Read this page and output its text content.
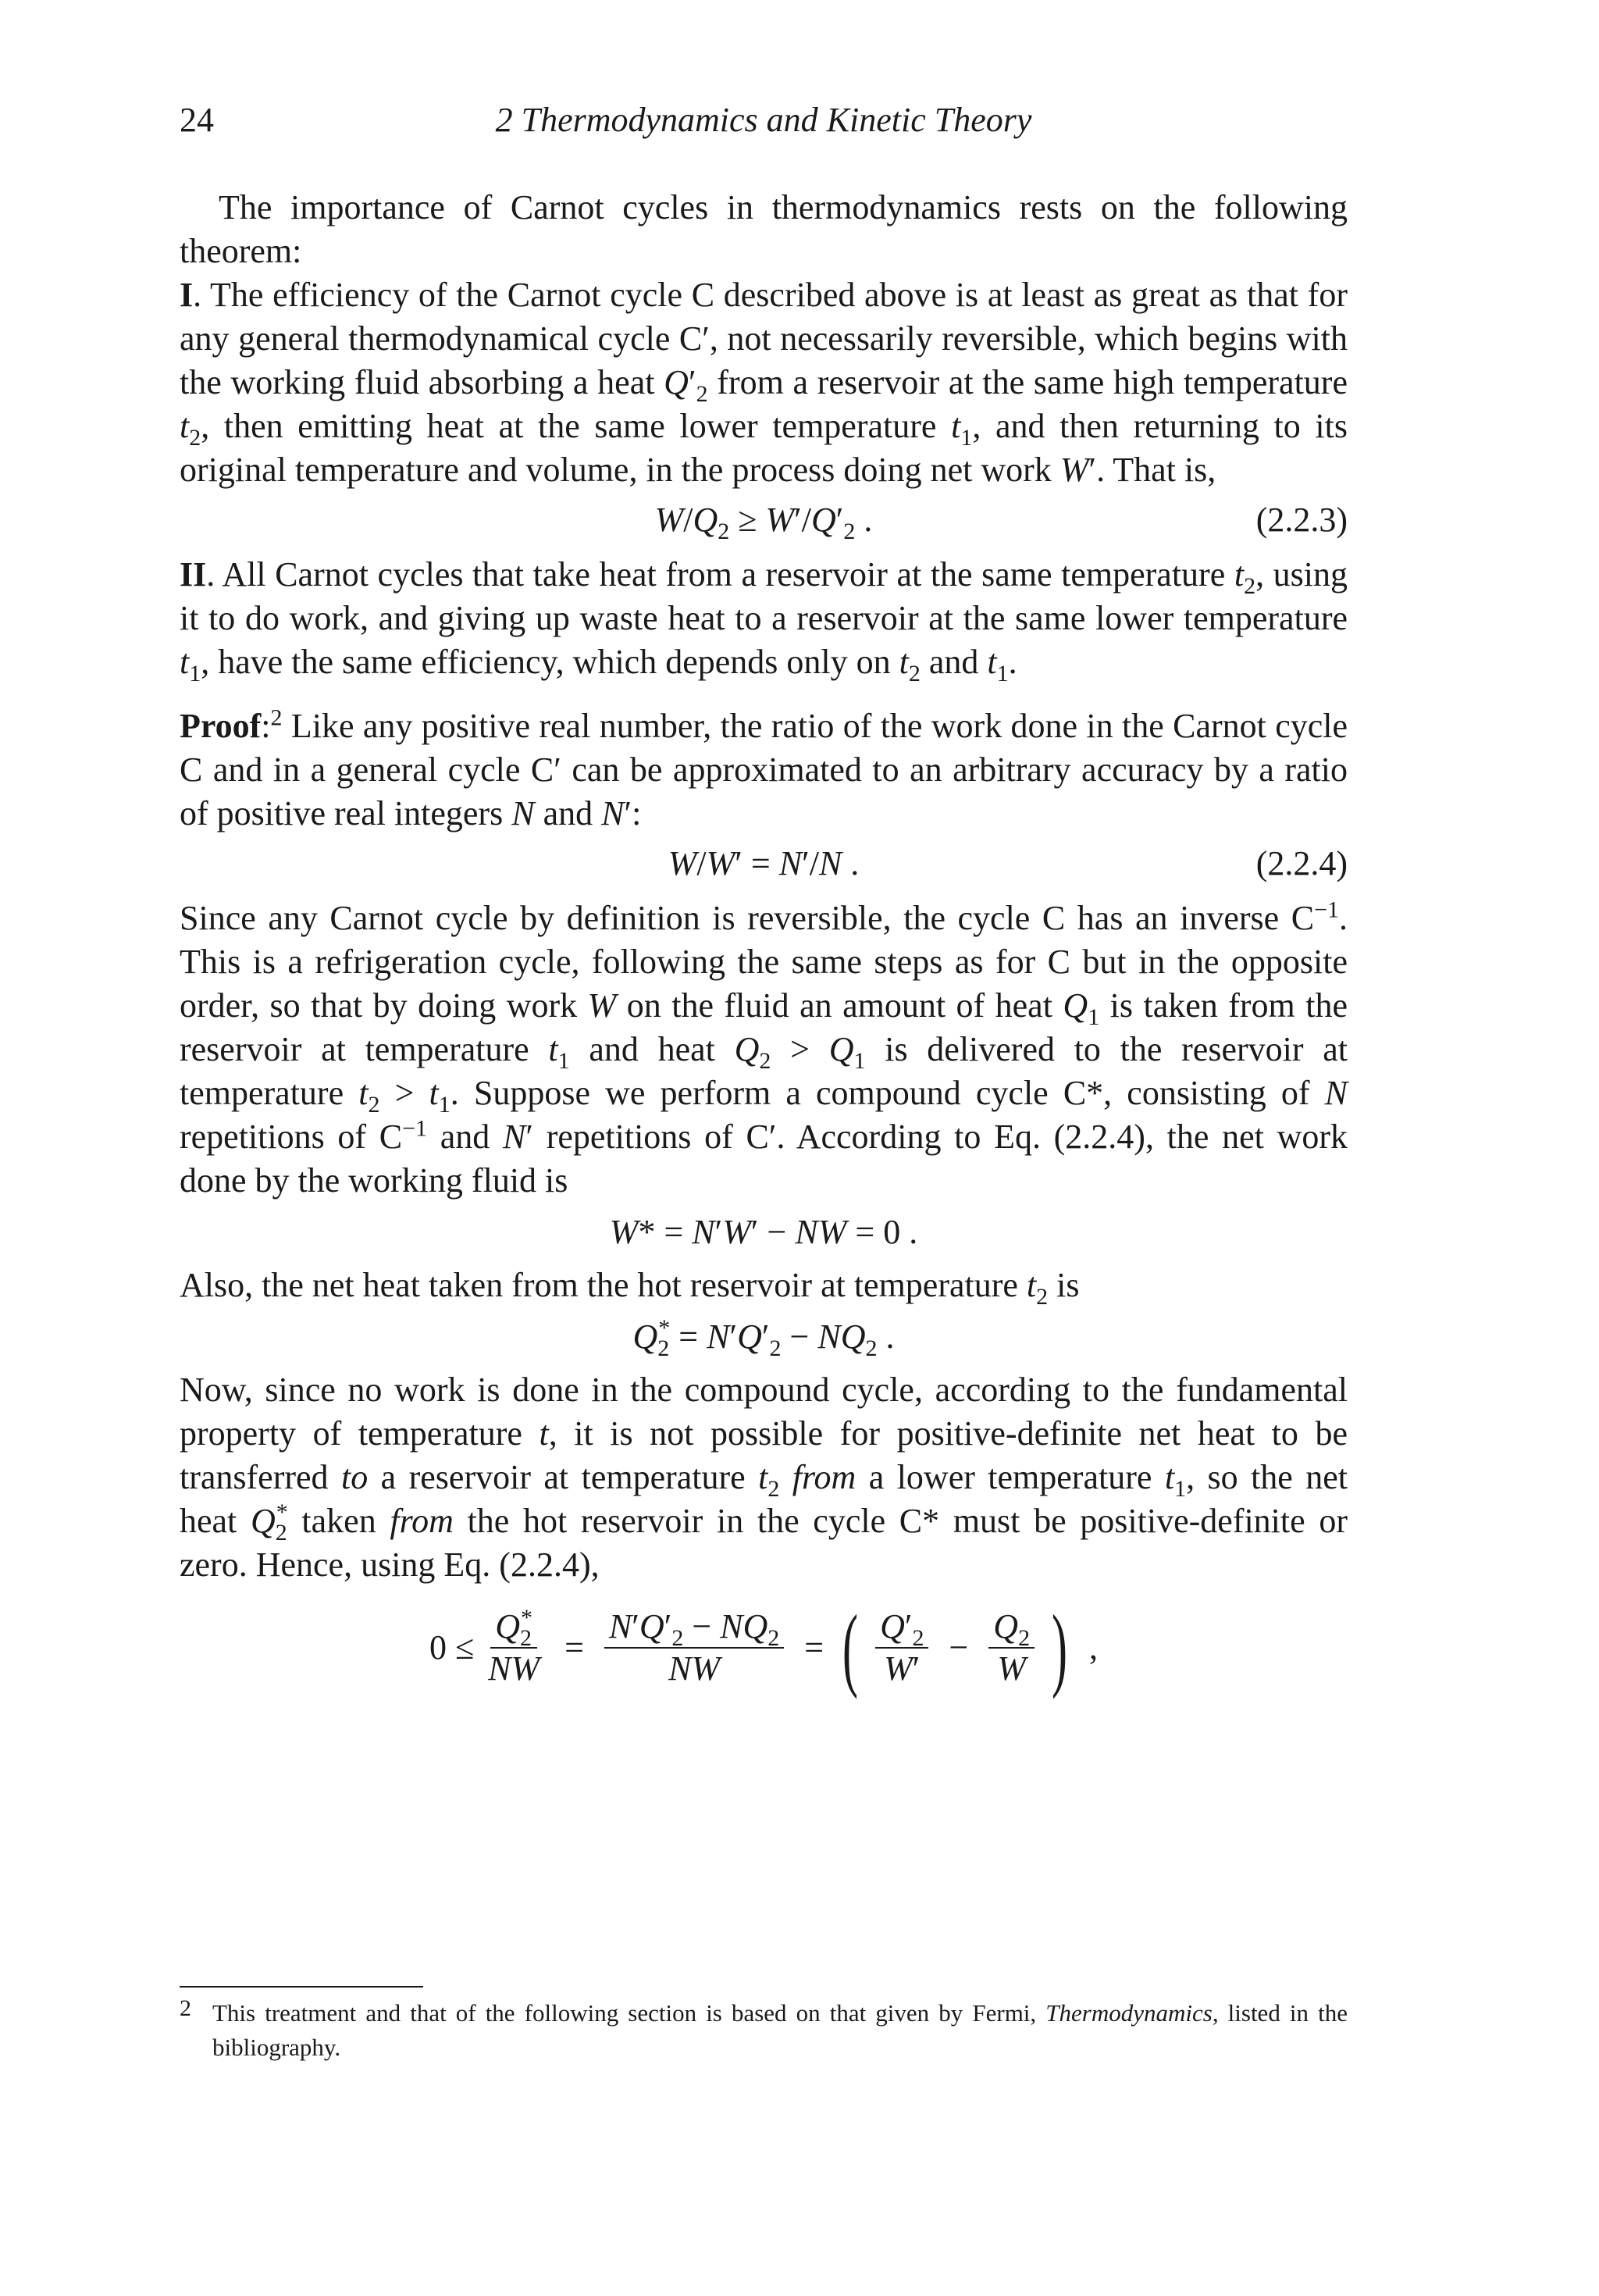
24	2 Thermodynamics and Kinetic Theory

The importance of Carnot cycles in thermodynamics rests on the following theorem:

I. The efficiency of the Carnot cycle C described above is at least as great as that for any general thermodynamical cycle C′, not necessarily reversible, which begins with the working fluid absorbing a heat $Q'_2$ from a reservoir at the same high temperature $t_2$, then emitting heat at the same lower temperature $t_1$, and then returning to its original temperature and volume, in the process doing net work W′. That is,

$W/Q_2 \ge W'/Q'_2$ .	(2.2.3)

II. All Carnot cycles that take heat from a reservoir at the same temperature $t_2$, using it to do work, and giving up waste heat to a reservoir at the same lower temperature $t_1$, have the same efficiency, which depends only on $t_2$ and $t_1$.

Proof:$^2$ Like any positive real number, the ratio of the work done in the Carnot cycle C and in a general cycle C′ can be approximated to an arbitrary accuracy by a ratio of positive real integers N and N′:

W/W′ = N′/N .	(2.2.4)

Since any Carnot cycle by definition is reversible, the cycle C has an inverse $C^{-1}$. This is a refrigeration cycle, following the same steps as for C but in the opposite order, so that by doing work W on the fluid an amount of heat $Q_1$ is taken from the reservoir at temperature $t_1$ and heat $Q_2 > Q_1$ is delivered to the reservoir at temperature $t_2 > t_1$. Suppose we perform a compound cycle C*, consisting of N repetitions of $C^{-1}$ and N′ repetitions of C′. According to Eq. (2.2.4), the net work done by the working fluid is

W* = N′W′ − NW = 0 .

Also, the net heat taken from the hot reservoir at temperature $t_2$ is

$Q_2^* = N'Q'_2 - NQ_2$ .

Now, since no work is done in the compound cycle, according to the fundamental property of temperature t, it is not possible for positive-definite net heat to be transferred to a reservoir at temperature $t_2$ from a lower temperature $t_1$, so the net heat $Q_2^*$ taken from the hot reservoir in the cycle C* must be positive-definite or zero. Hence, using Eq. (2.2.4),

$0 \le \frac{Q_2^*}{NW} = \frac{N'Q'_2 - NQ_2}{NW}$ = ( $\frac{Q'_2}{W'} - \frac{Q_2}{W}$ ) ,
2 This treatment and that of the following section is based on that given by Fermi, Thermodynamics, listed in the bibliography.
